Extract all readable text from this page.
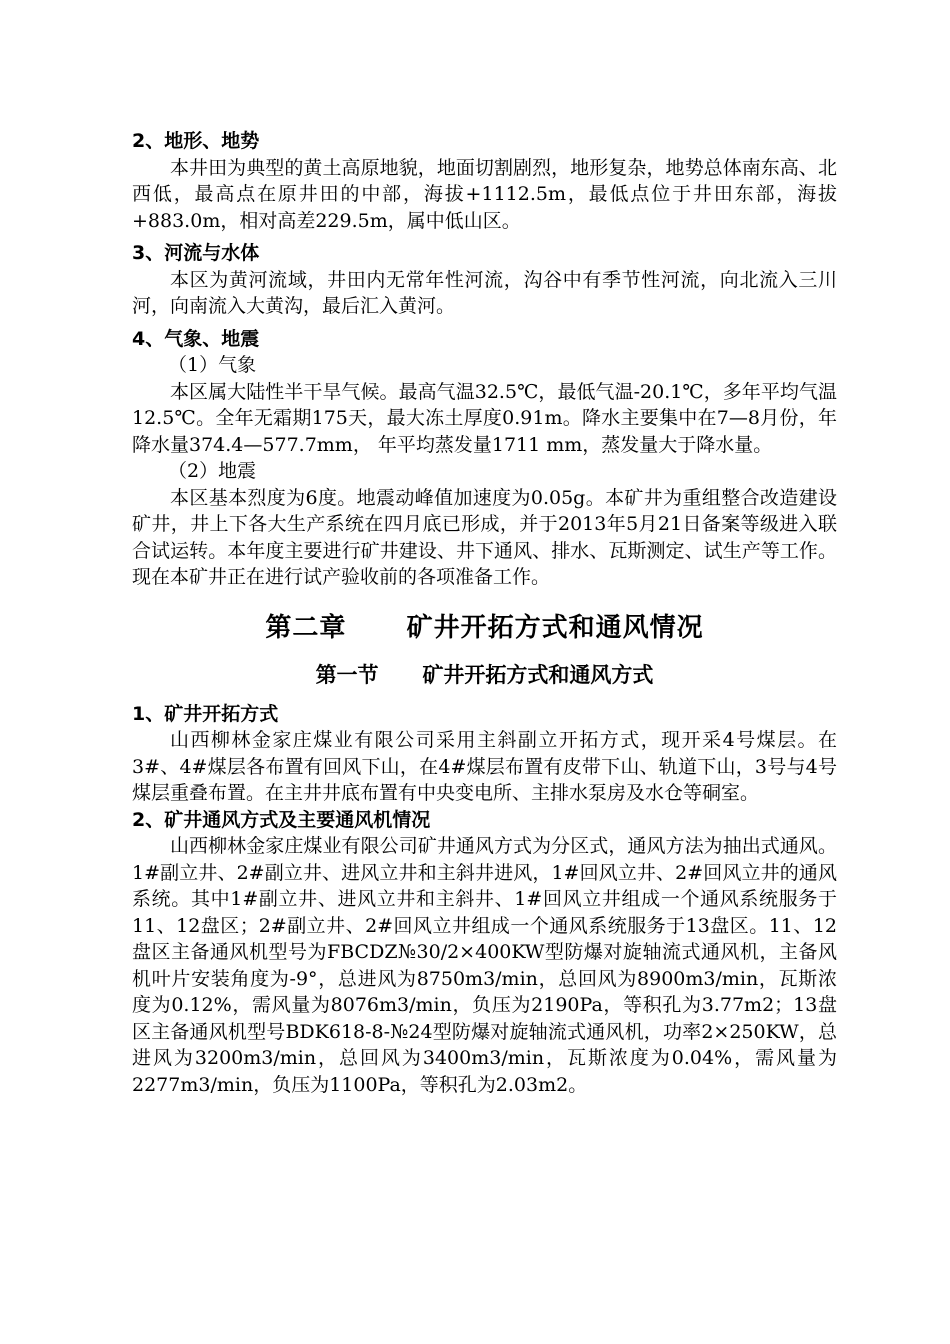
2、地形、地势

本井田为典型的黄土高原地貌，地面切割剧烈，地形复杂，地势总体南东高、北西低，最高点在原井田的中部，海拔+1112.5m，最低点位于井田东部，海拔+883.0m，相对高差229.5m，属中低山区。

3、河流与水体

本区为黄河流域，井田内无常年性河流，沟谷中有季节性河流，向北流入三川河，向南流入大黄沟，最后汇入黄河。

4、气象、地震

（1）气象

本区属大陆性半干旱气候。最高气温32.5℃，最低气温-20.1℃，多年平均气温12.5℃。全年无霜期175天，最大冻土厚度0.91m。降水主要集中在7—8月份，年降水量374.4—577.7mm， 年平均蒸发量1711 mm，蒸发量大于降水量。

（2）地震

本区基本烈度为6度。地震动峰值加速度为0.05g。本矿井为重组整合改造建设矿井，井上下各大生产系统在四月底已形成，并于2013年5月21日备案等级进入联合试运转。本年度主要进行矿井建设、井下通风、排水、瓦斯测定、试生产等工作。现在本矿井正在进行试产验收前的各项准备工作。

第二章 矿井开拓方式和通风情况
第一节 矿井开拓方式和通风方式

1、矿井开拓方式

山西柳林金家庄煤业有限公司采用主斜副立开拓方式，现开采4号煤层。在3#、4#煤层各布置有回风下山，在4#煤层布置有皮带下山、轨道下山，3号与4号煤层重叠布置。在主井井底布置有中央变电所、主排水泵房及水仓等硐室。

2、矿井通风方式及主要通风机情况

山西柳林金家庄煤业有限公司矿井通风方式为分区式，通风方法为抽出式通风。1#副立井、2#副立井、进风立井和主斜井进风，1#回风立井、2#回风立井的通风系统。其中1#副立井、进风立井和主斜井、1#回风立井组成一个通风系统服务于11、12盘区；2#副立井、2#回风立井组成一个通风系统服务于13盘区。11、12盘区主备通风机型号为FBCDZ№30/2×400KW型防爆对旋轴流式通风机，主备风机叶片安装角度为-9°，总进风为8750m3/min，总回风为8900m3/min，瓦斯浓度为0.12%，需风量为8076m3/min，负压为2190Pa，等积孔为3.77m2；13盘区主备通风机型号BDK618-8-№24型防爆对旋轴流式通风机，功率2×250KW，总进风为3200m3/min，总回风为3400m3/min，瓦斯浓度为0.04%，需风量为2277m3/min，负压为1100Pa，等积孔为2.03m2。
